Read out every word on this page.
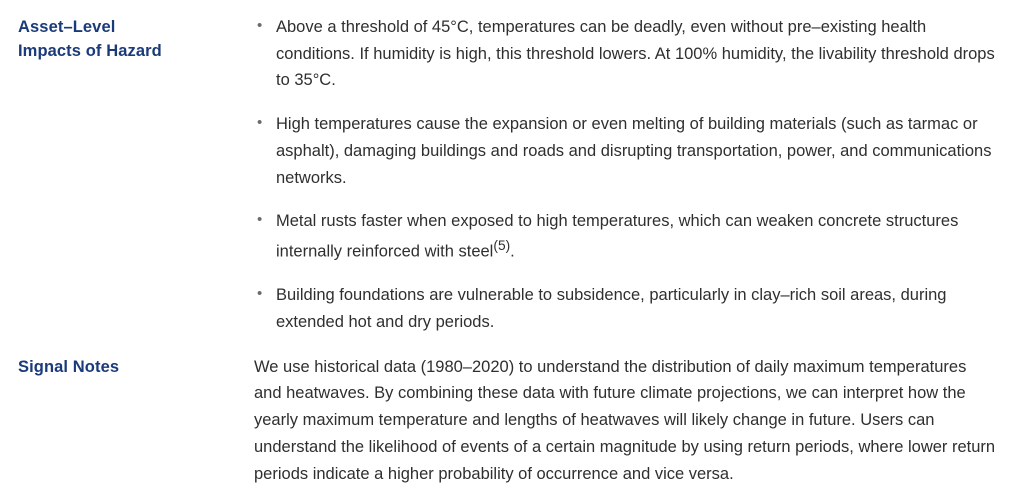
Asset–Level
Impacts of Hazard
• Above a threshold of 45°C, temperatures can be deadly, even without pre–existing health conditions. If humidity is high, this threshold lowers. At 100% humidity, the livability threshold drops to 35°C.
• High temperatures cause the expansion or even melting of building materials (such as tarmac or asphalt), damaging buildings and roads and disrupting transportation, power, and communications networks.
• Metal rusts faster when exposed to high temperatures, which can weaken concrete structures internally reinforced with steel$^{(5)}$.
• Building foundations are vulnerable to subsidence, particularly in clay–rich soil areas, during extended hot and dry periods.
Signal Notes	We use historical data (1980–2020) to understand the distribution of daily maximum temperatures and heatwaves. By combining these data with future climate projections, we can interpret how the yearly maximum temperature and lengths of heatwaves will likely change in future. Users can understand the likelihood of events of a certain magnitude by using return periods, where lower return periods indicate a higher probability of occurrence and vice versa.
